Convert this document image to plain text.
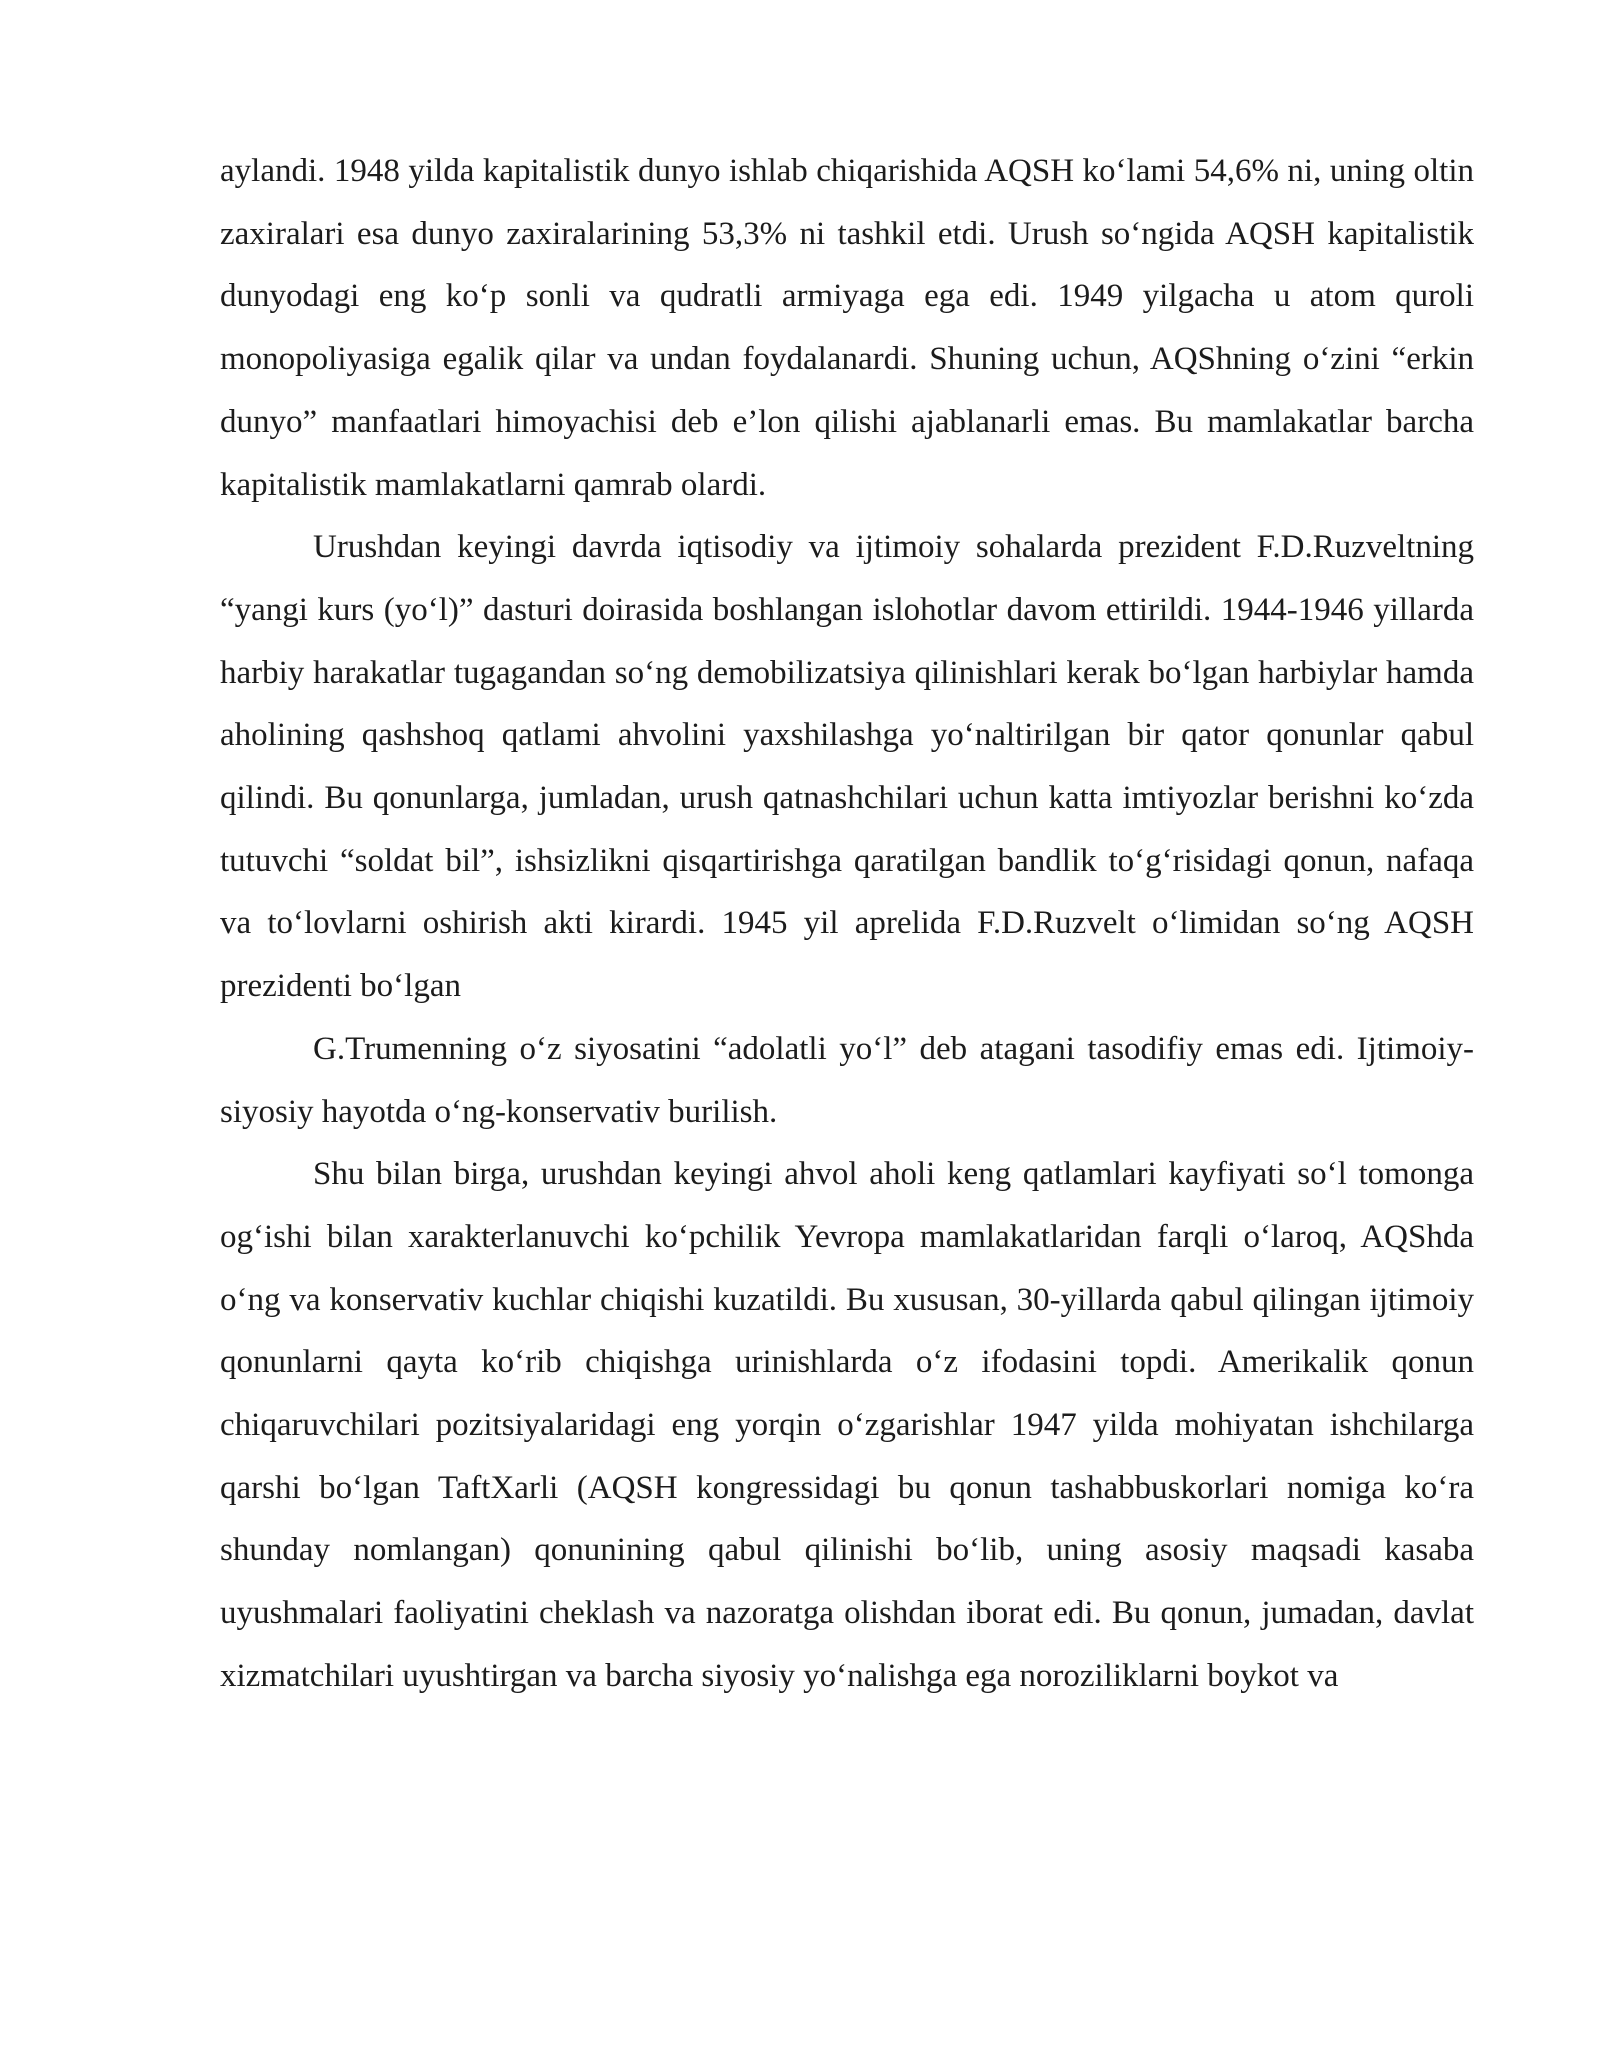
aylandi. 1948 yilda kapitalistik dunyo ishlab chiqarishida AQSH ko‘lami 54,6% ni, uning oltin zaxiralari esa dunyo zaxiralarining 53,3% ni tashkil etdi. Urush so‘ngida AQSH kapitalistik dunyodagi eng ko‘p sonli va qudratli armiyaga ega edi. 1949 yilgacha u atom quroli monopoliyasiga egalik qilar va undan foydalanardi. Shuning uchun, AQShning o‘zini “erkin dunyo” manfaatlari himoyachisi deb e’lon qilishi ajablanarli emas. Bu mamlakatlar barcha kapitalistik mamlakatlarni qamrab olardi.

Urushdan keyingi davrda iqtisodiy va ijtimoiy sohalarda prezident F.D.Ruzveltning “yangi kurs (yo‘l)” dasturi doirasida boshlangan islohotlar davom ettirildi. 1944-1946 yillarda harbiy harakatlar tugagandan so‘ng demobilizatsiya qilinishlari kerak bo‘lgan harbiylar hamda aholining qashshoq qatlami ahvolini yaxshilashga yo‘naltirilgan bir qator qonunlar qabul qilindi. Bu qonunlarga, jumladan, urush qatnashchilari uchun katta imtiyozlar berishni ko‘zda tutuvchi “soldat bil”, ishsizlikni qisqartirishga qaratilgan bandlik to‘g‘risidagi qonun, nafaqa va to‘lovlarni oshirish akti kirardi. 1945 yil aprelida F.D.Ruzvelt o‘limidan so‘ng AQSH prezidenti bo‘lgan

G.Trumenning o‘z siyosatini “adolatli yo‘l” deb atagani tasodifiy emas edi. Ijtimoiy-siyosiy hayotda o‘ng-konservativ burilish.

Shu bilan birga, urushdan keyingi ahvol aholi keng qatlamlari kayfiyati so‘l tomonga og‘ishi bilan xarakterlanuvchi ko‘pchilik Yevropa mamlakatlaridan farqli o‘laroq, AQShda o‘ng va konservativ kuchlar chiqishi kuzatildi. Bu xususan, 30-yillarda qabul qilingan ijtimoiy qonunlarni qayta ko‘rib chiqishga urinishlarda o‘z ifodasini topdi. Amerikalik qonun chiqaruvchilari pozitsiyalaridagi eng yorqin o‘zgarishlar 1947 yilda mohiyatan ishchilarga qarshi bo‘lgan TaftXarli (AQSH kongressidagi bu qonun tashabbuskorlari nomiga ko‘ra shunday nomlangan) qonunining qabul qilinishi bo‘lib, uning asosiy maqsadi kasaba uyushmalari faoliyatini cheklash va nazoratga olishdan iborat edi. Bu qonun, jumadan, davlat xizmatchilari uyushtirgan va barcha siyosiy yo‘nalishga ega noroziliklarni boykot va
